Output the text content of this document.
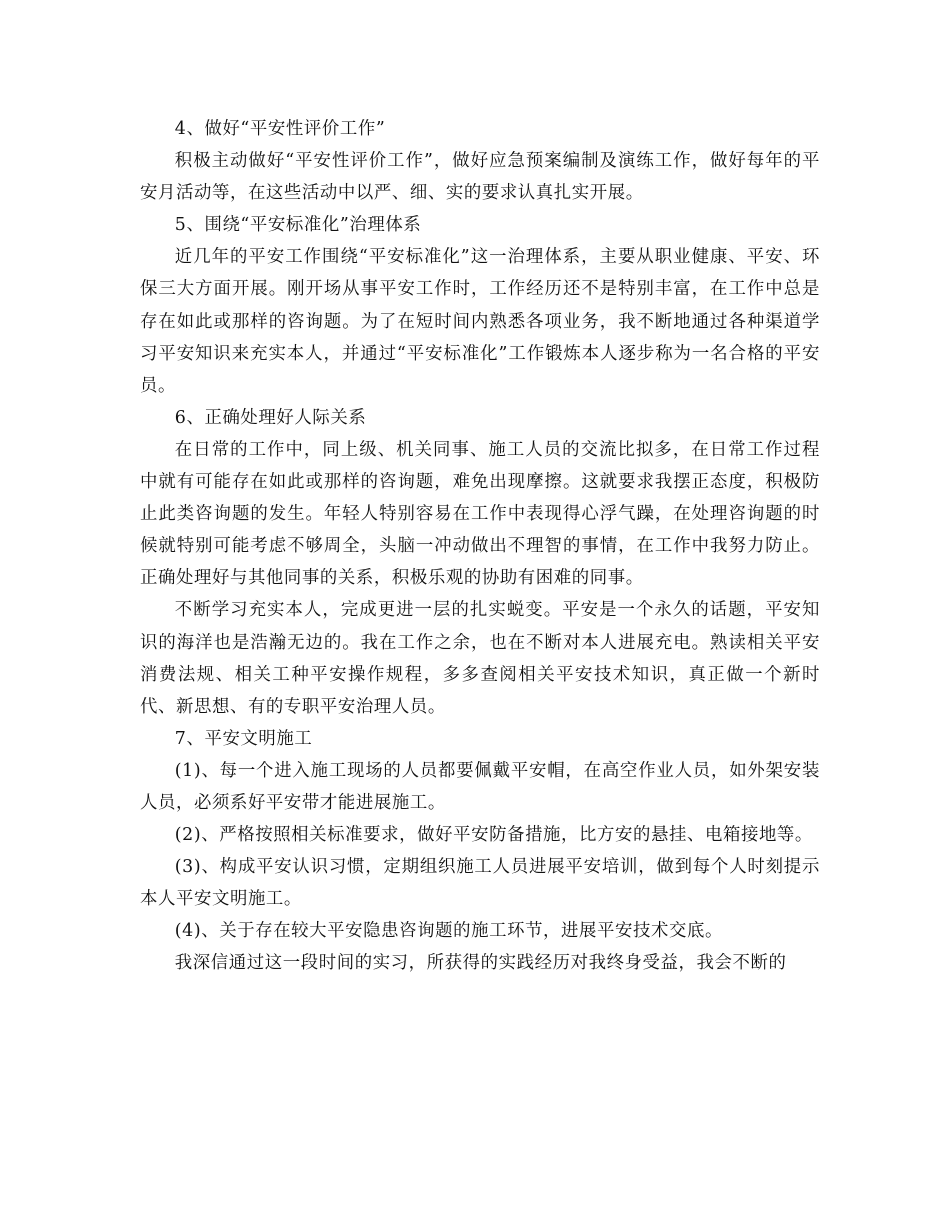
4、做好“平安性评价工作”

积极主动做好“平安性评价工作”，做好应急预案编制及演练工作，做好每年的平安月活动等，在这些活动中以严、细、实的要求认真扎实开展。

5、围绕“平安标准化”治理体系

近几年的平安工作围绕“平安标准化”这一治理体系，主要从职业健康、平安、环保三大方面开展。刚开场从事平安工作时，工作经历还不是特别丰富，在工作中总是存在如此或那样的咨询题。为了在短时间内熟悉各项业务，我不断地通过各种渠道学习平安知识来充实本人，并通过“平安标准化”工作锻炼本人逐步称为一名合格的平安员。

6、正确处理好人际关系

在日常的工作中，同上级、机关同事、施工人员的交流比拟多，在日常工作过程中就有可能存在如此或那样的咨询题，难免出现摩擦。这就要求我摆正态度，积极防止此类咨询题的发生。年轻人特别容易在工作中表现得心浮气躁，在处理咨询题的时候就特别可能考虑不够周全，头脑一冲动做出不理智的事情，在工作中我努力防止。正确处理好与其他同事的关系，积极乐观的协助有困难的同事。

不断学习充实本人，完成更进一层的扎实蜕变。平安是一个永久的话题，平安知识的海洋也是浩瀚无边的。我在工作之余，也在不断对本人进展充电。熟读相关平安消费法规、相关工种平安操作规程，多多查阅相关平安技术知识，真正做一个新时代、新思想、有的专职平安治理人员。

7、平安文明施工

(1)、每一个进入施工现场的人员都要佩戴平安帽，在高空作业人员，如外架安装人员，必须系好平安带才能进展施工。

(2)、严格按照相关标准要求，做好平安防备措施，比方安的悬挂、电箱接地等。

(3)、构成平安认识习惯，定期组织施工人员进展平安培训，做到每个人时刻提示本人平安文明施工。

(4)、关于存在较大平安隐患咨询题的施工环节，进展平安技术交底。

我深信通过这一段时间的实习，所获得的实践经历对我终身受益，我会不断的
